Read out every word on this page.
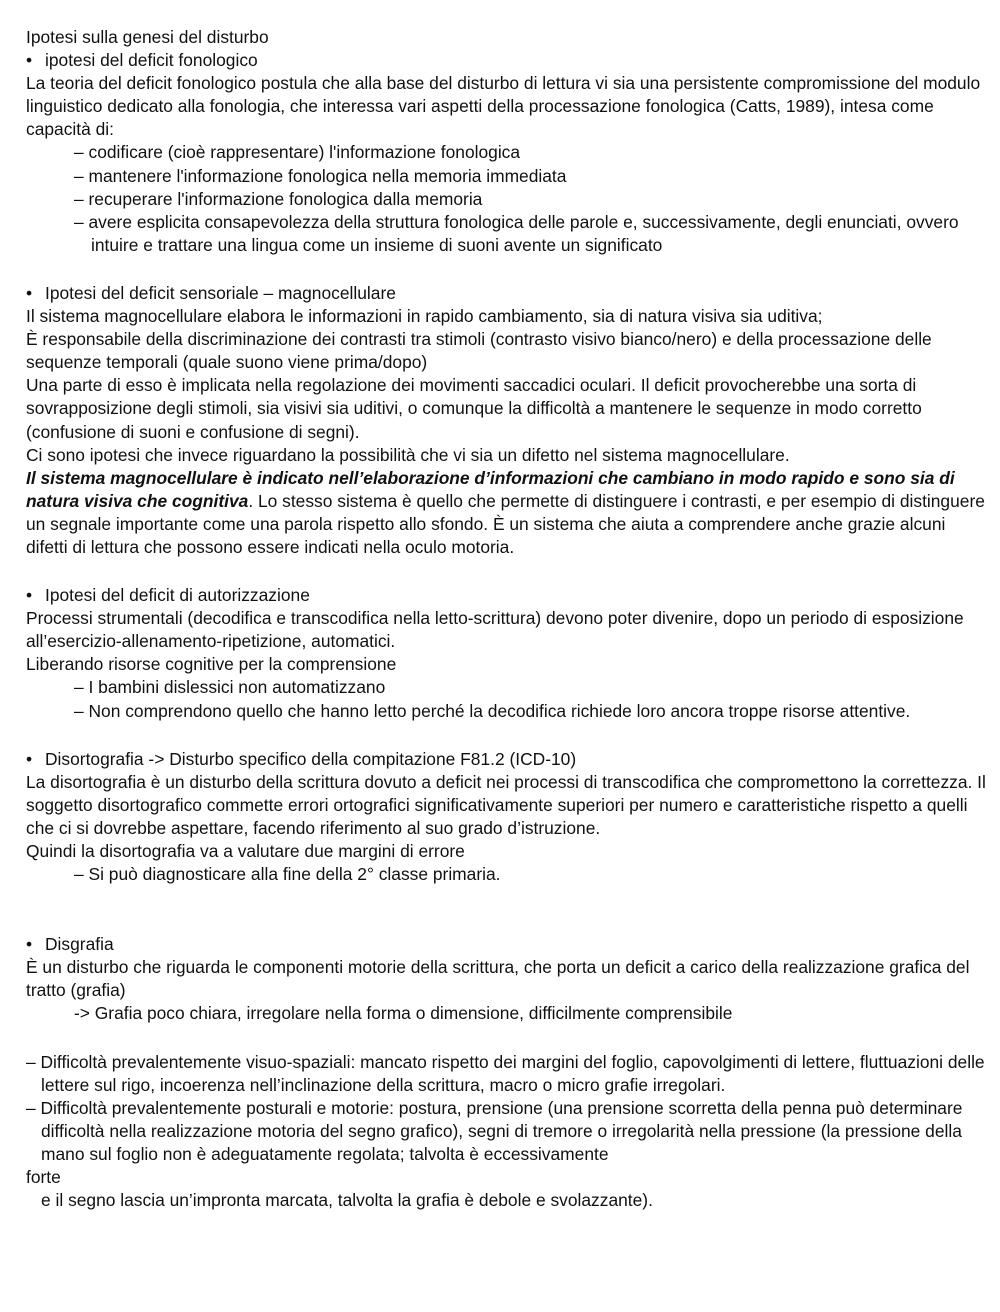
Ipotesi sulla genesi del disturbo
• ipotesi del deficit fonologico
La teoria del deficit fonologico postula che alla base del disturbo di lettura vi sia una persistente compromissione del modulo linguistico dedicato alla fonologia, che interessa vari aspetti della processazione fonologica (Catts, 1989), intesa come capacità di:
– codificare (cioè rappresentare) l'informazione fonologica
– mantenere l'informazione fonologica nella memoria immediata
– recuperare l'informazione fonologica dalla memoria
– avere esplicita consapevolezza della struttura fonologica delle parole e, successivamente, degli enunciati, ovvero intuire e trattare una lingua come un insieme di suoni avente un significato
• Ipotesi del deficit sensoriale – magnocellulare
Il sistema magnocellulare elabora le informazioni in rapido cambiamento, sia di natura visiva sia uditiva;
È responsabile della discriminazione dei contrasti tra stimoli (contrasto visivo bianco/nero) e della processazione delle sequenze temporali (quale suono viene prima/dopo)
Una parte di esso è implicata nella regolazione dei movimenti saccadici oculari. Il deficit provocherebbe una sorta di sovrapposizione degli stimoli, sia visivi sia uditivi, o comunque la difficoltà a mantenere le sequenze in modo corretto (confusione di suoni e confusione di segni).
Ci sono ipotesi che invece riguardano la possibilità che vi sia un difetto nel sistema magnocellulare.
Il sistema magnocellulare è indicato nell’elaborazione d’informazioni che cambiano in modo rapido e sono sia di natura visiva che cognitiva. Lo stesso sistema è quello che permette di distinguere i contrasti, e per esempio di distinguere un segnale importante come una parola rispetto allo sfondo. È un sistema che aiuta a comprendere anche grazie alcuni difetti di lettura che possono essere indicati nella oculo motoria.
• Ipotesi del deficit di autorizzazione
Processi strumentali (decodifica e transcodifica nella letto-scrittura) devono poter divenire, dopo un periodo di esposizione all’esercizio-allenamento-ripetizione, automatici.
Liberando risorse cognitive per la comprensione
– I bambini dislessici non automatizzano
– Non comprendono quello che hanno letto perché la decodifica richiede loro ancora troppe risorse attentive.
• Disortografia -> Disturbo specifico della compitazione F81.2 (ICD-10)
La disortografia è un disturbo della scrittura dovuto a deficit nei processi di transcodifica che compromettono la correttezza. Il soggetto disortografico commette errori ortografici significativamente superiori per numero e caratteristiche rispetto a quelli che ci si dovrebbe aspettare, facendo riferimento al suo grado d’istruzione.
Quindi la disortografia va a valutare due margini di errore
– Si può diagnosticare alla fine della 2° classe primaria.
• Disgrafia
È un disturbo che riguarda le componenti motorie della scrittura, che porta un deficit a carico della realizzazione grafica del tratto (grafia)
-> Grafia poco chiara, irregolare nella forma o dimensione, difficilmente comprensibile
– Difficoltà prevalentemente visuo-spaziali: mancato rispetto dei margini del foglio, capovolgimenti di lettere, fluttuazioni delle lettere sul rigo, incoerenza nell’inclinazione della scrittura, macro o micro grafie irregolari.
– Difficoltà prevalentemente posturali e motorie: postura, prensione (una prensione scorretta della penna può determinare difficoltà nella realizzazione motoria del segno grafico), segni di tremore o irregolarità nella pressione (la pressione della mano sul foglio non è adeguatamente regolata; talvolta è eccessivamente
forte
e il segno lascia un’impronta marcata, talvolta la grafia è debole e svolazzante).
